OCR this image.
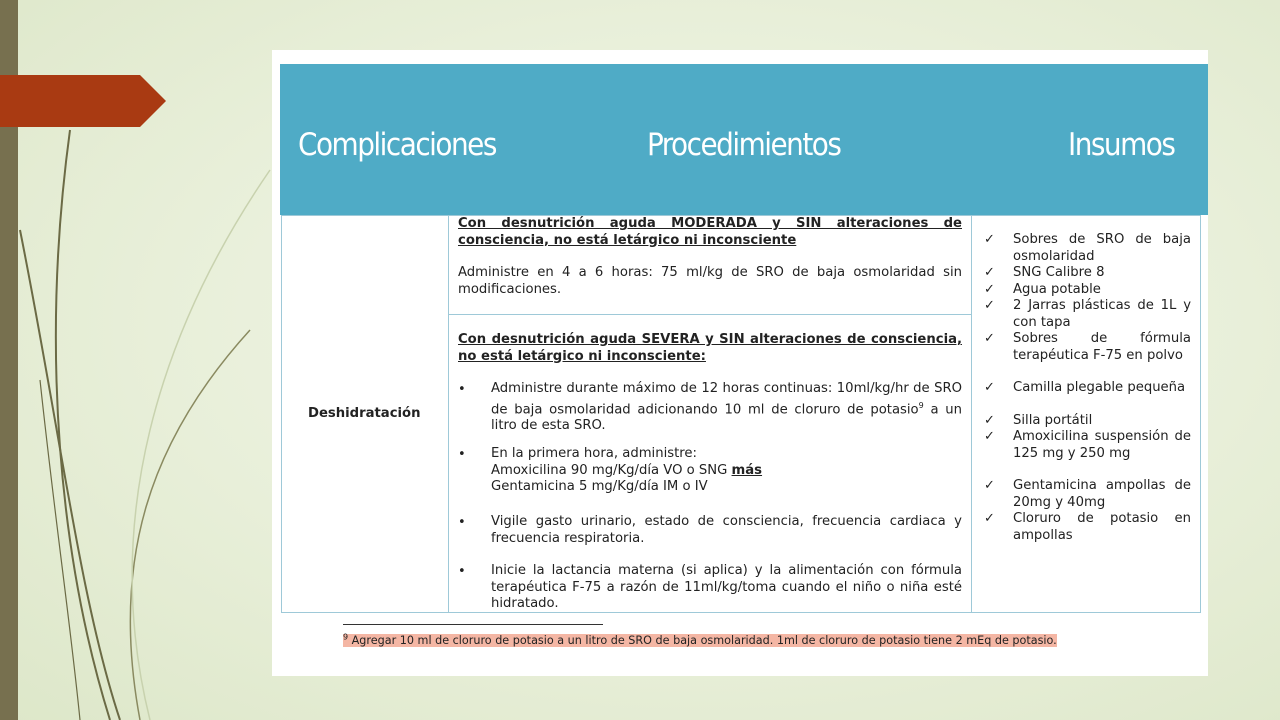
Complicaciones	Procedimientos	Insumos
Deshidratación
Con desnutrición aguda MODERADA y SIN alteraciones de consciencia, no está letárgico ni inconsciente
Administre en 4 a 6 horas: 75 ml/kg de SRO de baja osmolaridad sin modificaciones.
Con desnutrición aguda SEVERA y SIN alteraciones de consciencia, no está letárgico ni inconsciente:
• Administre durante máximo de 12 horas continuas: 10ml/kg/hr de SRO de baja osmolaridad adicionando 10 ml de cloruro de potasio$^9$ a un litro de esta SRO.
• En la primera hora, administre:
Amoxicilina 90 mg/Kg/día VO o SNG más
Gentamicina 5 mg/Kg/día IM o IV
• Vigile gasto urinario, estado de consciencia, frecuencia cardiaca y frecuencia respiratoria.
• Inicie la lactancia materna (si aplica) y la alimentación con fórmula terapéutica F-75 a razón de 11ml/kg/toma cuando el niño o niña esté hidratado.
✓ Sobres de SRO de baja osmolaridad
✓ SNG Calibre 8
✓ Agua potable
✓ 2 Jarras plásticas de 1L y con tapa
✓ Sobres de fórmula terapéutica F-75 en polvo
✓ Camilla plegable pequeña
✓ Silla portátil
✓ Amoxicilina suspensión de 125 mg y 250 mg
✓ Gentamicina ampollas de 20mg y 40mg
✓ Cloruro de potasio en ampollas
$^9$ Agregar 10 ml de cloruro de potasio a un litro de SRO de baja osmolaridad. 1ml de cloruro de potasio tiene 2 mEq de potasio.
